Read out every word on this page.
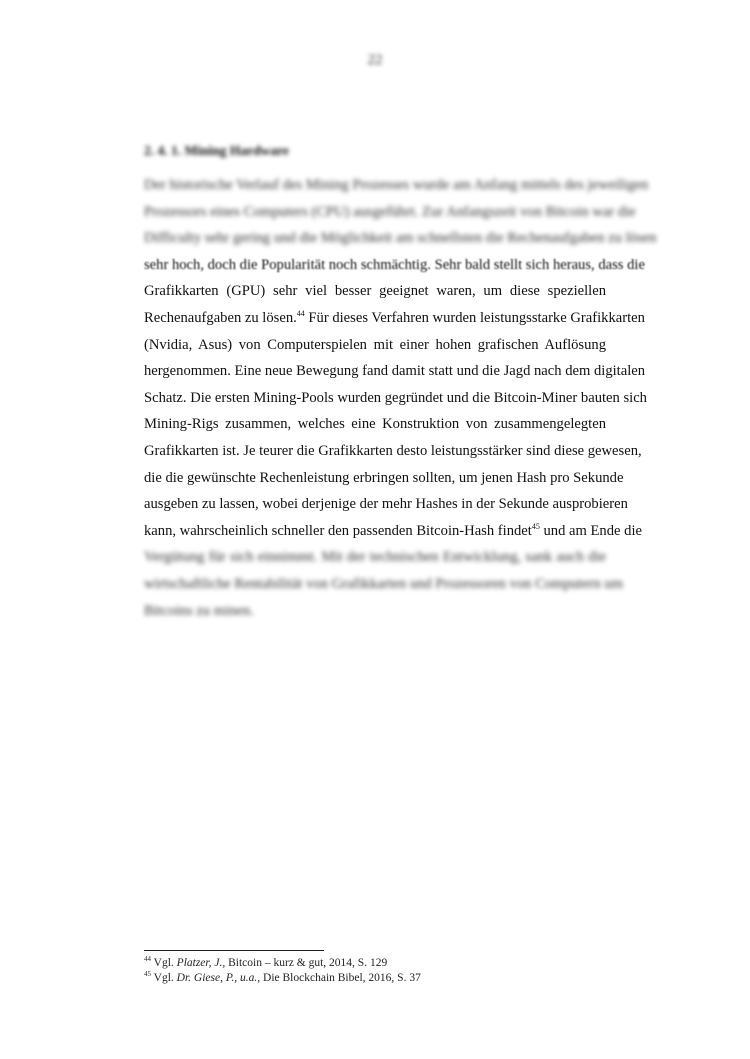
22
2. 4. 1. Mining Hardware
Der historische Verlauf des Mining Prozesses wurde am Anfang mittels des jeweiligen
Prozessors eines Computers (CPU) ausgeführt. Zur Anfangszeit von Bitcoin war die
Difficulty sehr gering und die Möglichkeit am schnellsten die Rechenaufgaben zu lösen
sehr hoch, doch die Popularität noch schmächtig. Sehr bald stellt sich heraus, dass die
Grafikkarten (GPU) sehr viel besser geeignet waren, um diese speziellen
Rechenaufgaben zu lösen.$^{44}$ Für dieses Verfahren wurden leistungsstarke Grafikkarten
(Nvidia, Asus) von Computerspielen mit einer hohen grafischen Auflösung
hergenommen. Eine neue Bewegung fand damit statt und die Jagd nach dem digitalen
Schatz. Die ersten Mining-Pools wurden gegründet und die Bitcoin-Miner bauten sich
Mining-Rigs zusammen, welches eine Konstruktion von zusammengelegten
Grafikkarten ist. Je teurer die Grafikkarten desto leistungsstärker sind diese gewesen,
die die gewünschte Rechenleistung erbringen sollten, um jenen Hash pro Sekunde
ausgeben zu lassen, wobei derjenige der mehr Hashes in der Sekunde ausprobieren
kann, wahrscheinlich schneller den passenden Bitcoin-Hash findet$^{45}$ und am Ende die
Vergütung für sich einnimmt. Mit der technischen Entwicklung, sank auch die
wirtschaftliche Rentabilität von Grafikkarten und Prozessoren von Computern um
Bitcoins zu minen.
$^{44}$ Vgl. Platzer, J., Bitcoin – kurz & gut, 2014, S. 129
$^{45}$ Vgl. Dr. Giese, P., u.a., Die Blockchain Bibel, 2016, S. 37
